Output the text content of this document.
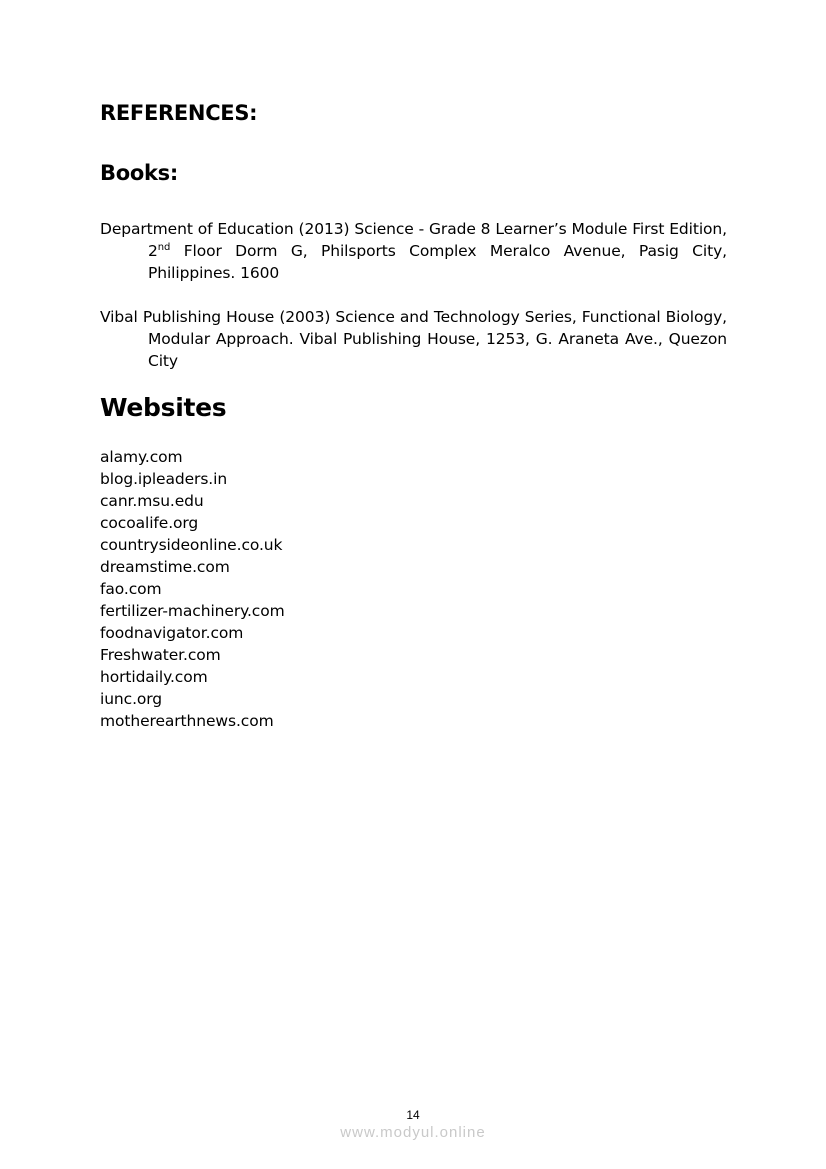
REFERENCES:
Books:
Department of Education (2013) Science - Grade 8 Learner’s Module First Edition, 2nd Floor Dorm G, Philsports Complex Meralco Avenue, Pasig City, Philippines. 1600
Vibal Publishing House (2003) Science and Technology Series, Functional Biology, Modular Approach. Vibal Publishing House, 1253, G. Araneta Ave., Quezon City
Websites
alamy.com
blog.ipleaders.in
canr.msu.edu
cocoalife.org
countrysideonline.co.uk
dreamstime.com
fao.com
fertilizer-machinery.com
foodnavigator.com
Freshwater.com
hortidaily.com
iunc.org
motherearthnews.com
14
www.modyul.online
